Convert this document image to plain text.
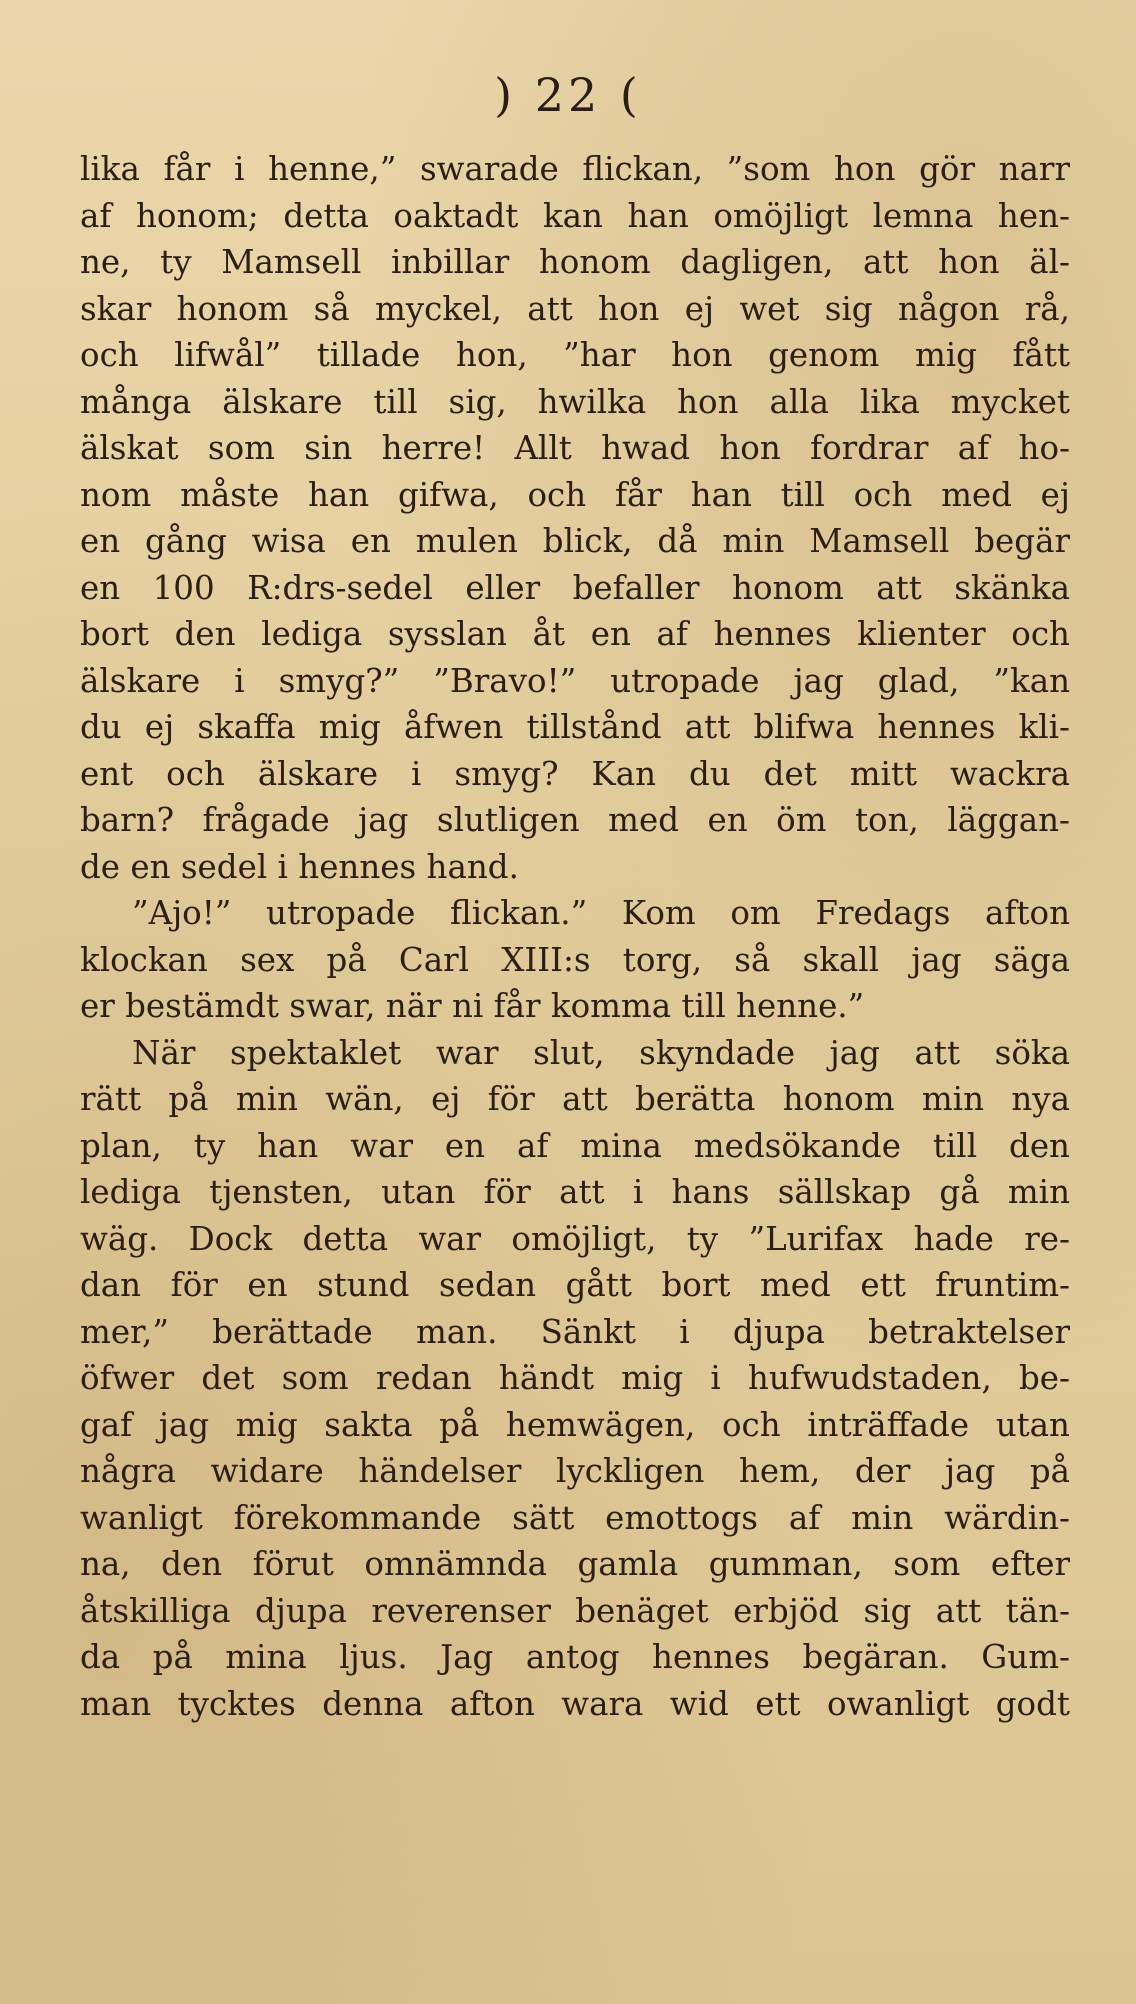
) 22 (
lika får i henne,” swarade flickan, ”som hon gör narr
af honom; detta oaktadt kan han omöjligt lemna hen-
ne, ty Mamsell inbillar honom dagligen, att hon äl-
skar honom så myckel, att hon ej wet sig någon rå,
och lifwål” tillade hon, ”har hon genom mig fått
många älskare till sig, hwilka hon alla lika mycket
älskat som sin herre! Allt hwad hon fordrar af ho-
nom måste han gifwa, och får han till och med ej
en gång wisa en mulen blick, då min Mamsell begär
en 100 R:drs-sedel eller befaller honom att skänka
bort den lediga sysslan åt en af hennes klienter och
älskare i smyg?” ”Bravo!” utropade jag glad, ”kan
du ej skaffa mig åfwen tillstånd att blifwa hennes kli-
ent och älskare i smyg? Kan du det mitt wackra
barn? frågade jag slutligen med en öm ton, läggan-
de en sedel i hennes hand.
”Ajo!” utropade flickan.” Kom om Fredags afton
klockan sex på Carl XIII:s torg, så skall jag säga
er bestämdt swar, när ni får komma till henne.”
När spektaklet war slut, skyndade jag att söka
rätt på min wän, ej för att berätta honom min nya
plan, ty han war en af mina medsökande till den
lediga tjensten, utan för att i hans sällskap gå min
wäg. Dock detta war omöjligt, ty ”Lurifax hade re-
dan för en stund sedan gått bort med ett fruntim-
mer,” berättade man. Sänkt i djupa betraktelser
öfwer det som redan händt mig i hufwudstaden, be-
gaf jag mig sakta på hemwägen, och inträffade utan
några widare händelser lyckligen hem, der jag på
wanligt förekommande sätt emottogs af min wärdin-
na, den förut omnämnda gamla gumman, som efter
åtskilliga djupa reverenser benäget erbjöd sig att tän-
da på mina ljus. Jag antog hennes begäran. Gum-
man tycktes denna afton wara wid ett owanligt godt
